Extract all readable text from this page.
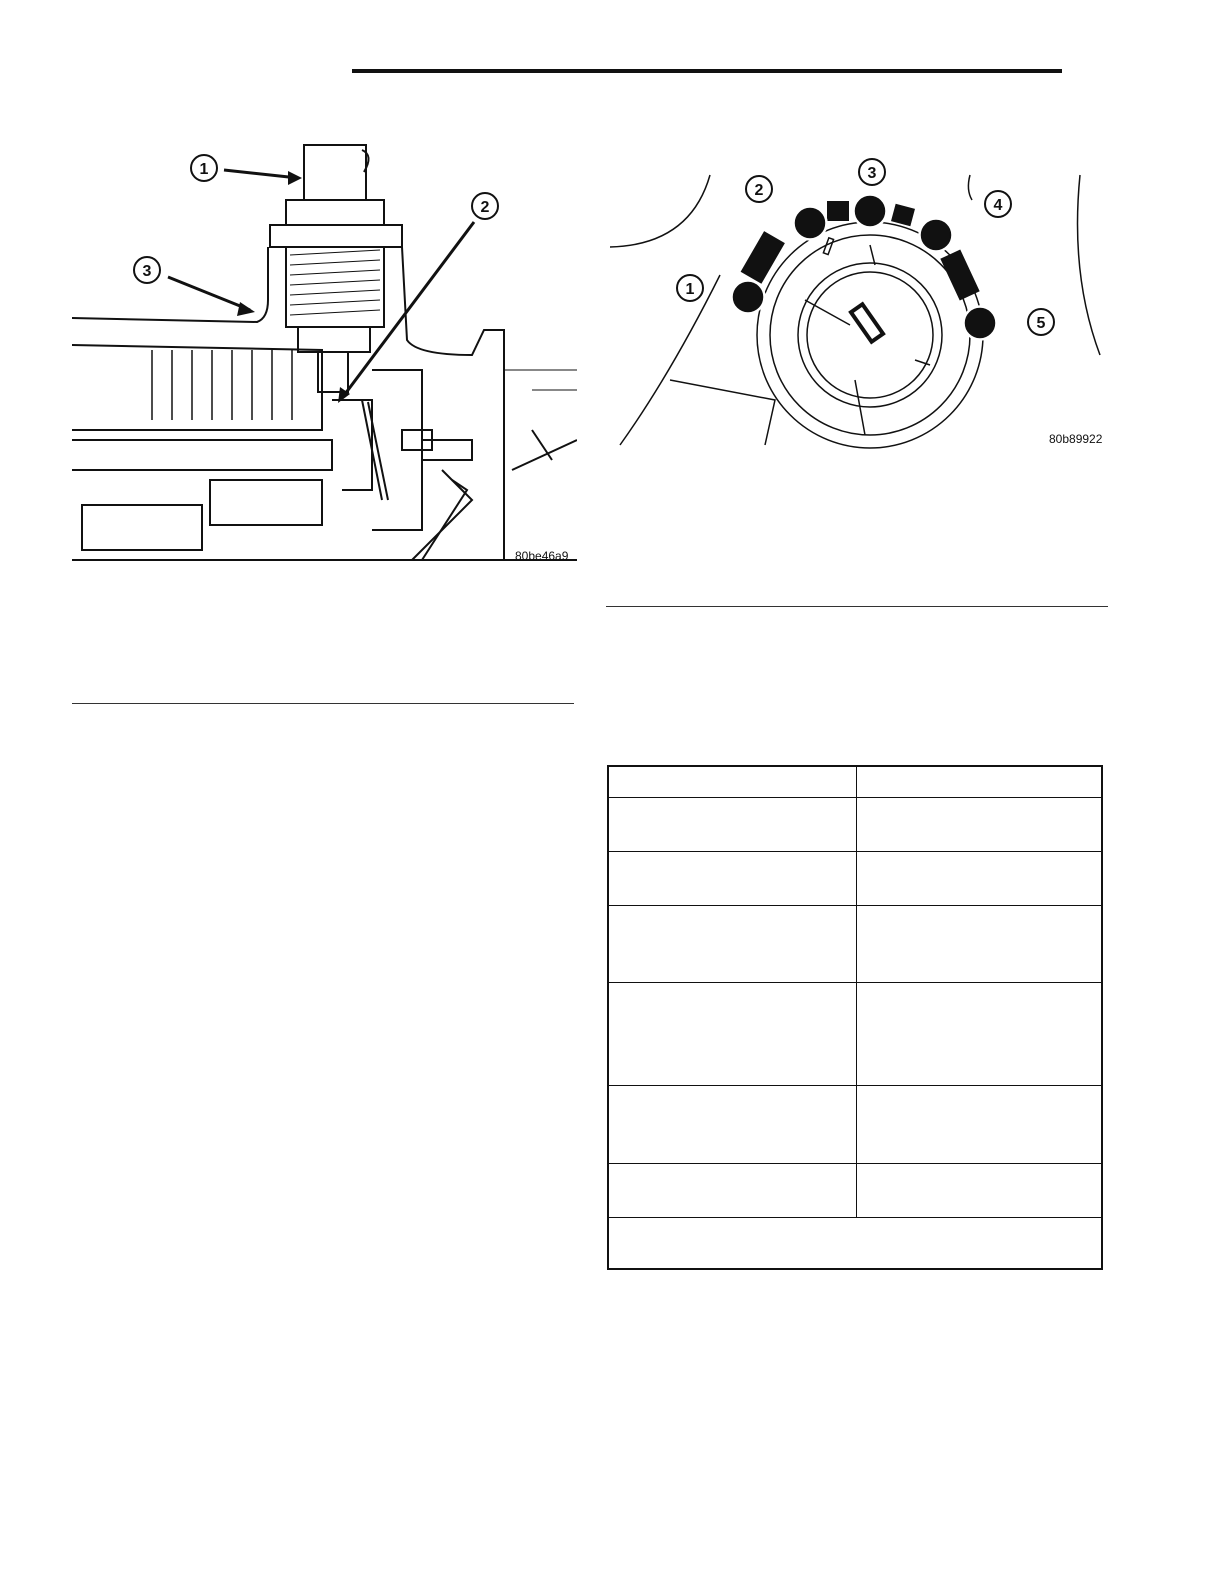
1
2
3
80be46a9
1
2
3
4
5
80b89922
